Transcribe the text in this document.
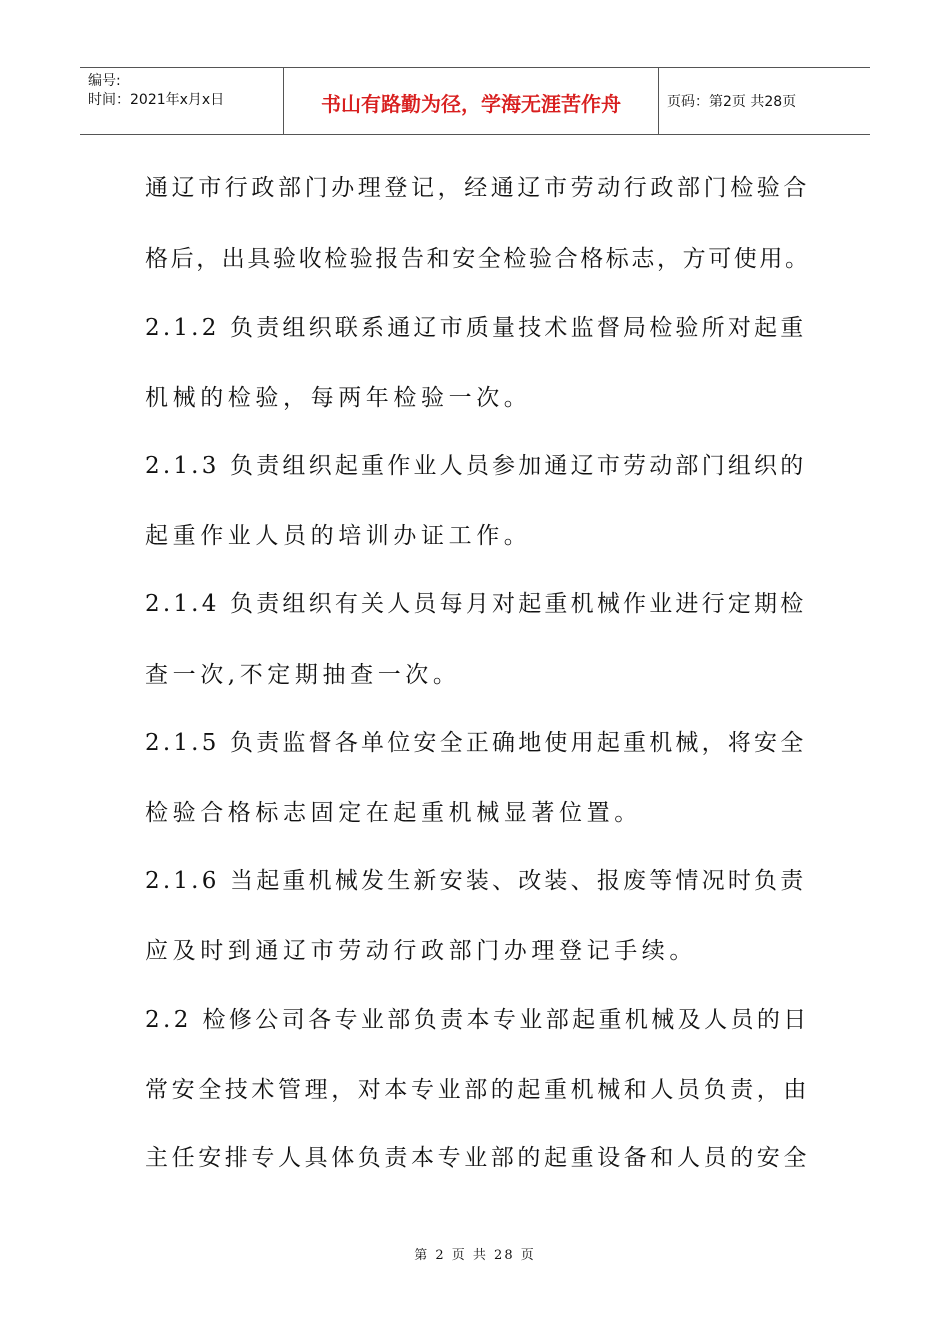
编号:
时间：2021年x月x日	书山有路勤为径，学海无涯苦作舟	页码：第2页 共28页
通辽市行政部门办理登记，经通辽市劳动行政部门检验合
格后，出具验收检验报告和安全检验合格标志，方可使用。
2.1.2 负责组织联系通辽市质量技术监督局检验所对起重
机械的检验，每两年检验一次。
2.1.3 负责组织起重作业人员参加通辽市劳动部门组织的
起重作业人员的培训办证工作。
2.1.4 负责组织有关人员每月对起重机械作业进行定期检
查一次,不定期抽查一次。
2.1.5 负责监督各单位安全正确地使用起重机械，将安全
检验合格标志固定在起重机械显著位置。
2.1.6 当起重机械发生新安装、改装、报废等情况时负责
应及时到通辽市劳动行政部门办理登记手续。
2.2 检修公司各专业部负责本专业部起重机械及人员的日
常安全技术管理，对本专业部的起重机械和人员负责，由
主任安排专人具体负责本专业部的起重设备和人员的安全
第 2 页 共 28 页
